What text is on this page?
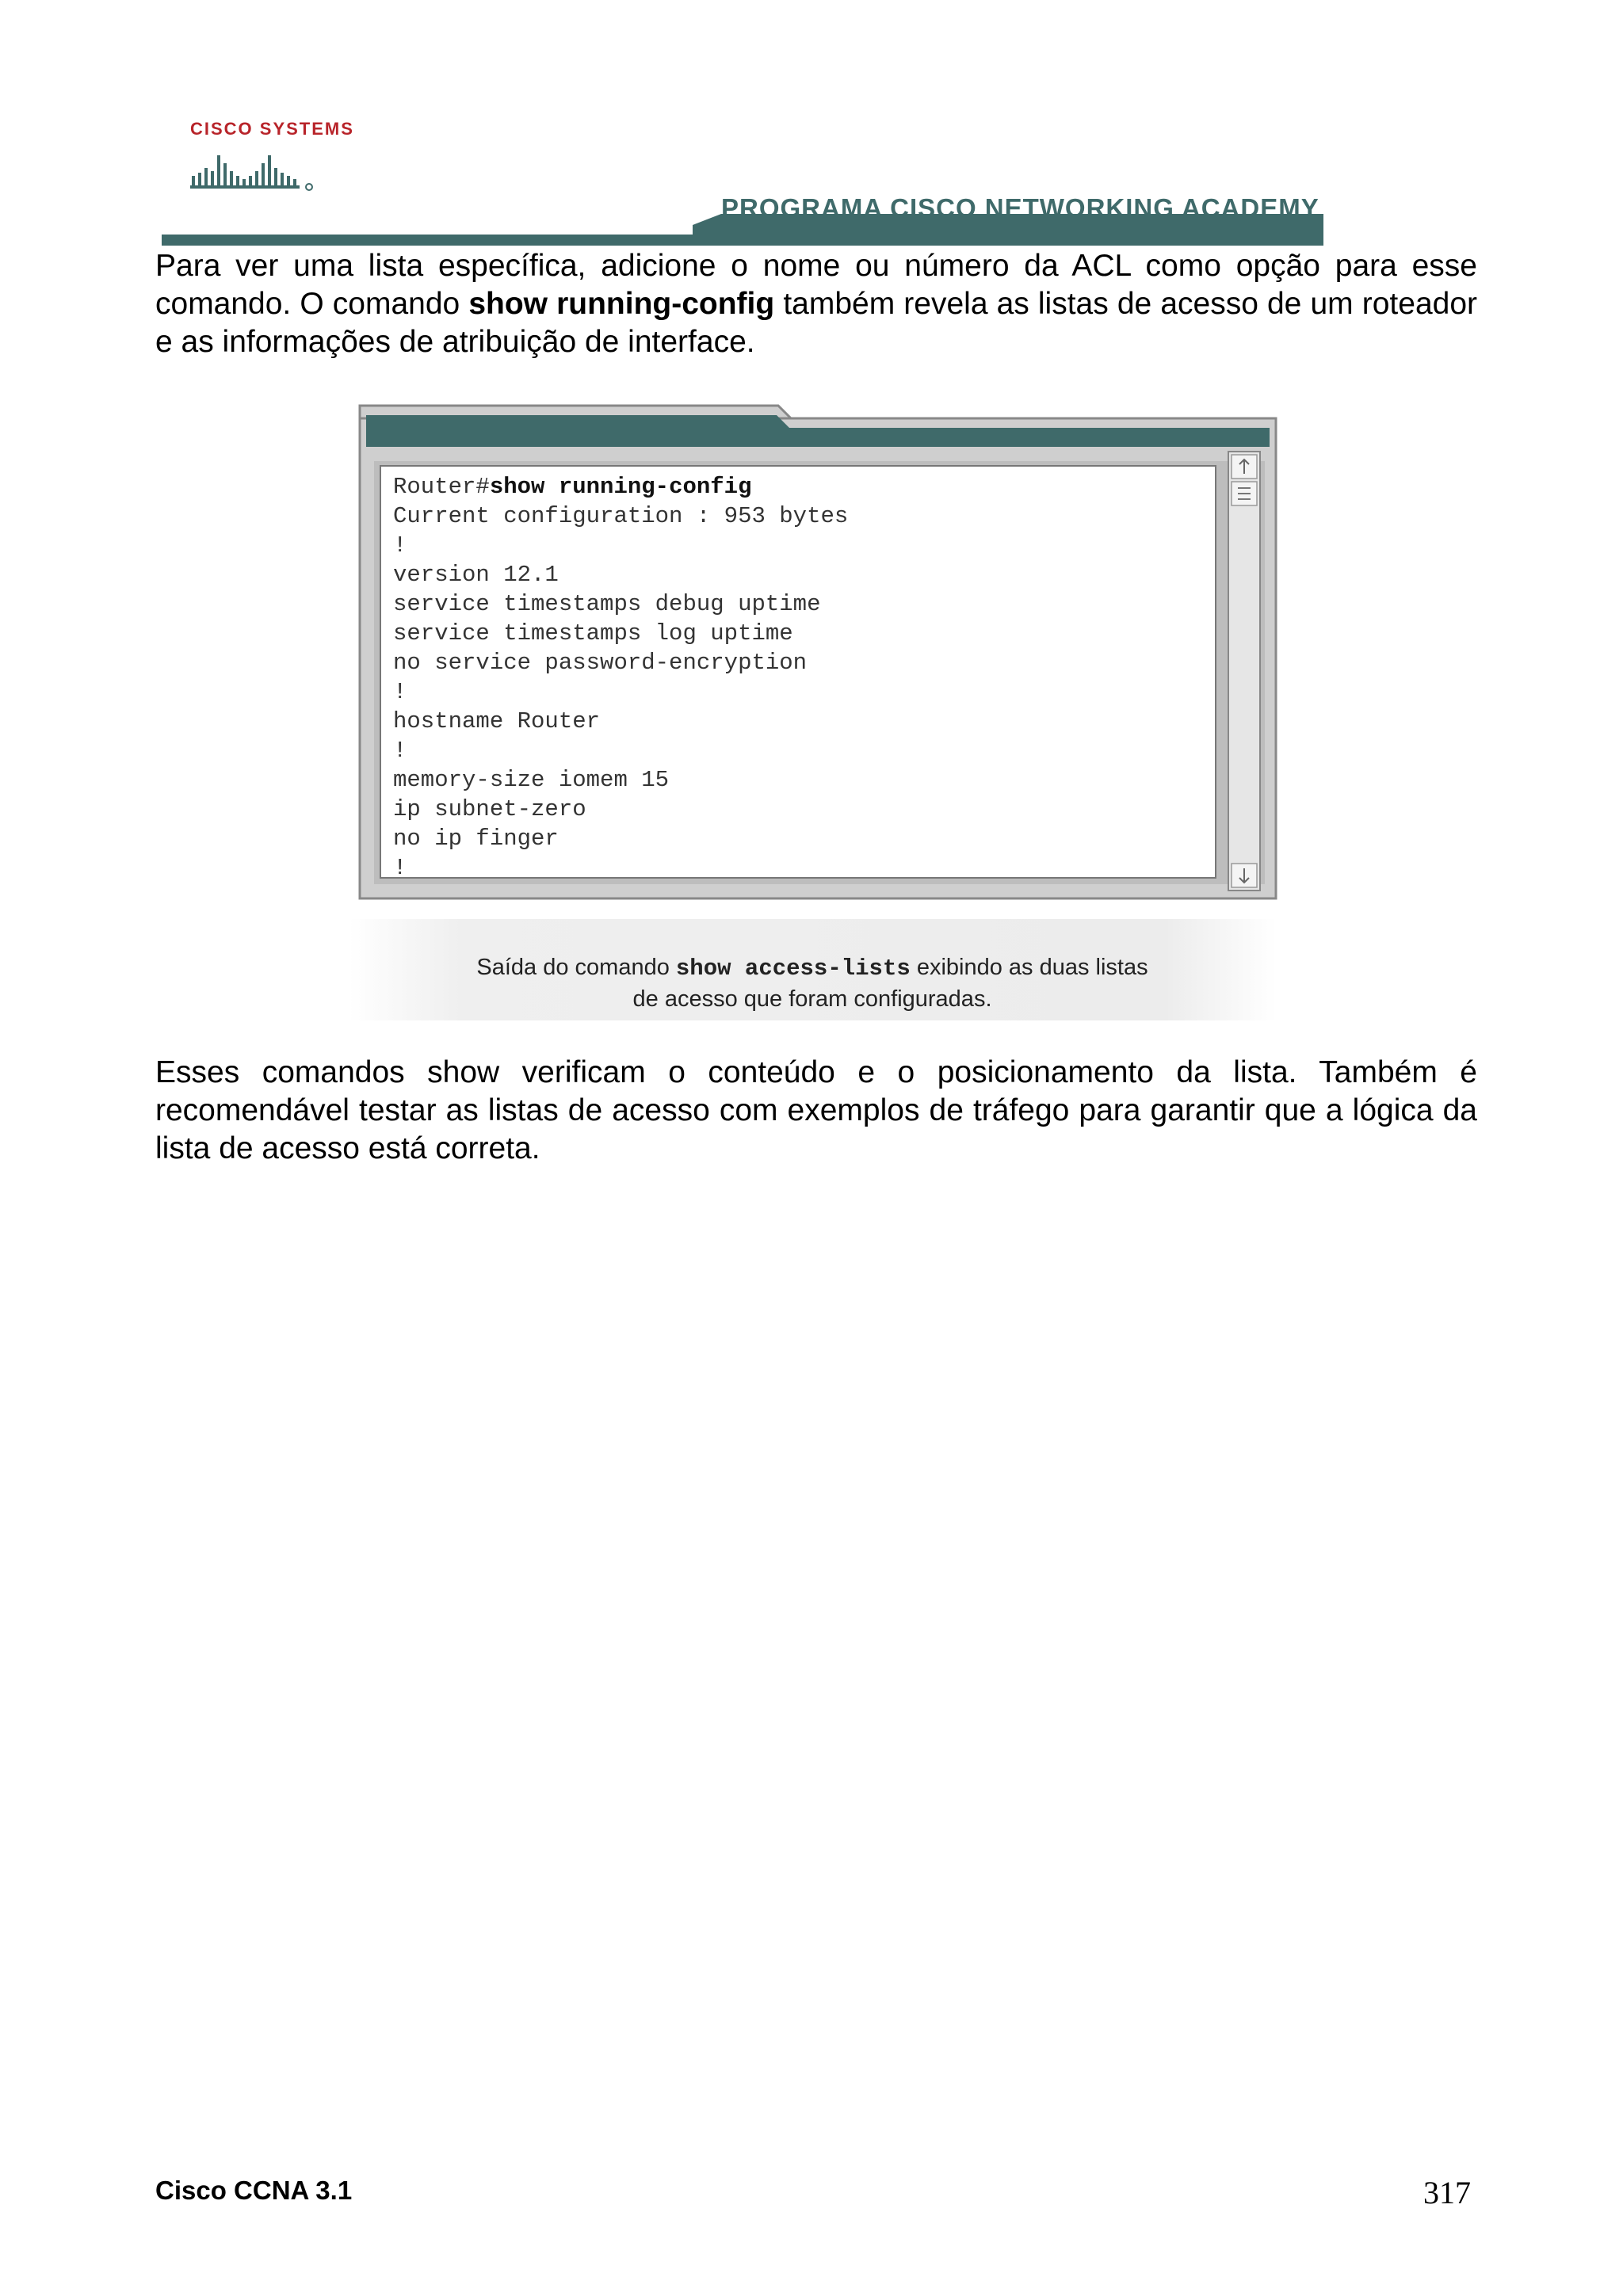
CISCO SYSTEMS
PROGRAMA CISCO NETWORKING ACADEMY
Para ver uma lista específica, adicione o nome ou número da ACL como opção para esse comando. O comando show running-config também revela as listas de acesso de um roteador e as informações de atribuição de interface.
Router#show running-config
Current configuration : 953 bytes
!
version 12.1
service timestamps debug uptime
service timestamps log uptime
no service password-encryption
!
hostname Router
!
memory-size iomem 15
ip subnet-zero
no ip finger
!
Saída do comando show access-lists exibindo as duas listas
de acesso que foram configuradas.
Esses comandos show verificam o conteúdo e o posicionamento da lista. Também é recomendável testar as listas de acesso com exemplos de tráfego para garantir que a lógica da lista de acesso está correta.
Cisco CCNA 3.1	317
